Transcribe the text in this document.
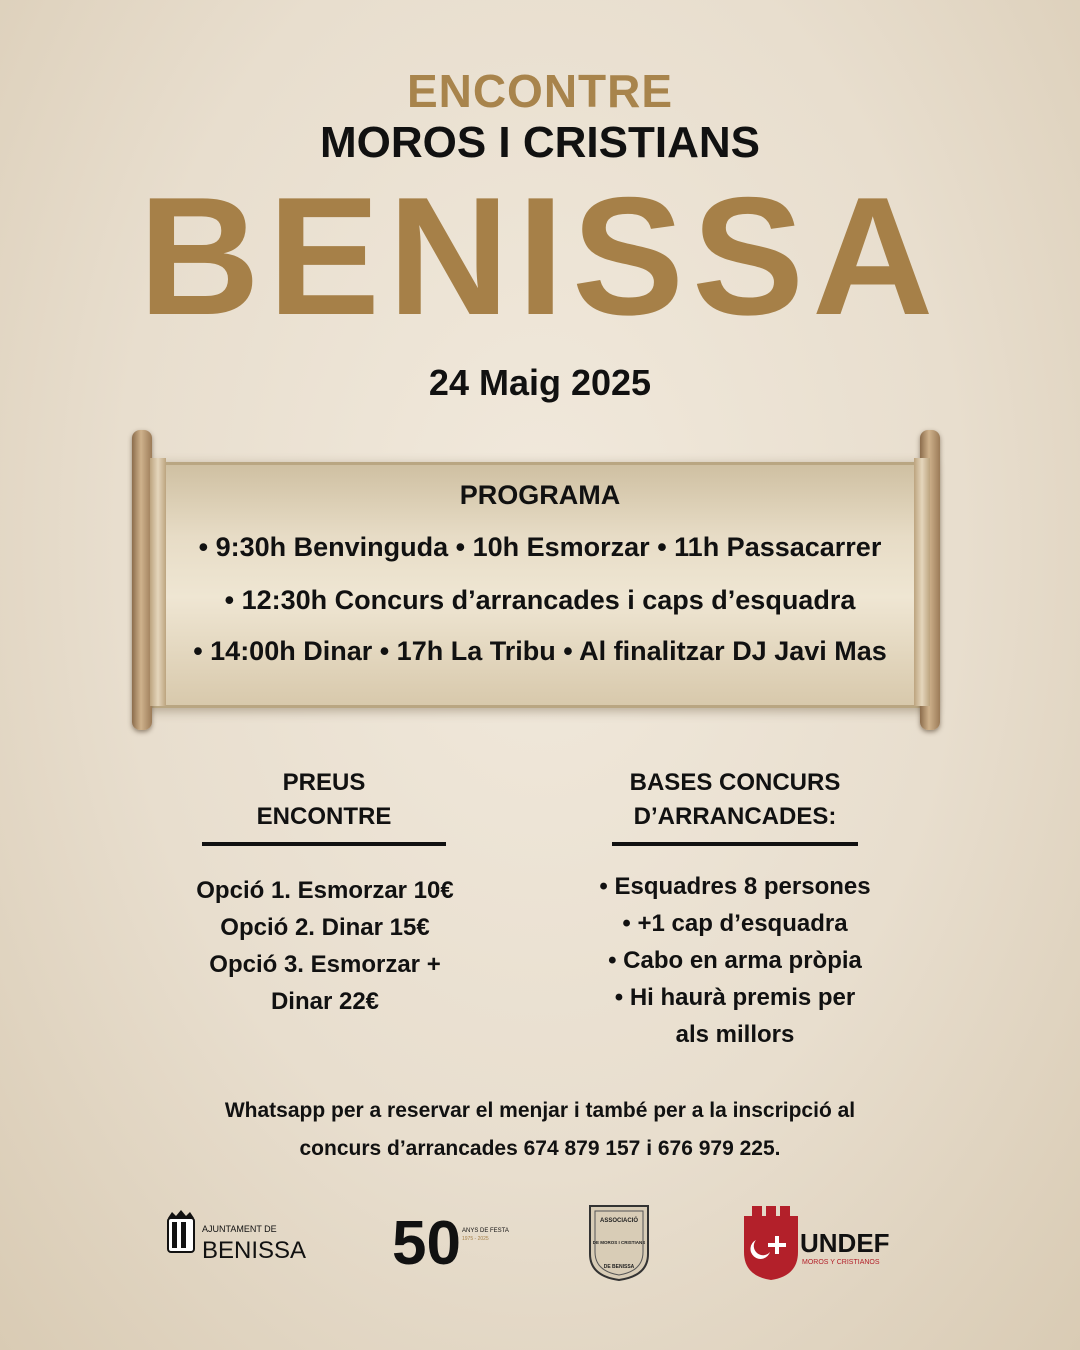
ENCONTRE
MOROS I CRISTIANS
BENISSA
24 Maig 2025
PROGRAMA
• 9:30h Benvinguda • 10h Esmorzar • 11h Passacarrer
• 12:30h Concurs d’arrancades i caps d’esquadra
• 14:00h Dinar • 17h La Tribu • Al finalitzar DJ Javi Mas
PREUS
ENCONTRE
Opció 1. Esmorzar 10€
Opció 2. Dinar 15€
Opció 3. Esmorzar +
Dinar 22€
BASES CONCURS
D’ARRANCADES:
• Esquadres 8 persones
• +1 cap d’esquadra
• Cabo en arma pròpia
• Hi haurà premis per
als millors
Whatsapp per a reservar el menjar i també per a la inscripció al
concurs d’arrancades 674 879 157 i 676 979 225.
AJUNTAMENT DE
BENISSA 50 ANYS DE FESTA
1975 - 2025
ASSOCIACIÓ
DE MOROS I CRISTIANS
DE BENISSA
UNDEF
MOROS Y CRISTIANOS
